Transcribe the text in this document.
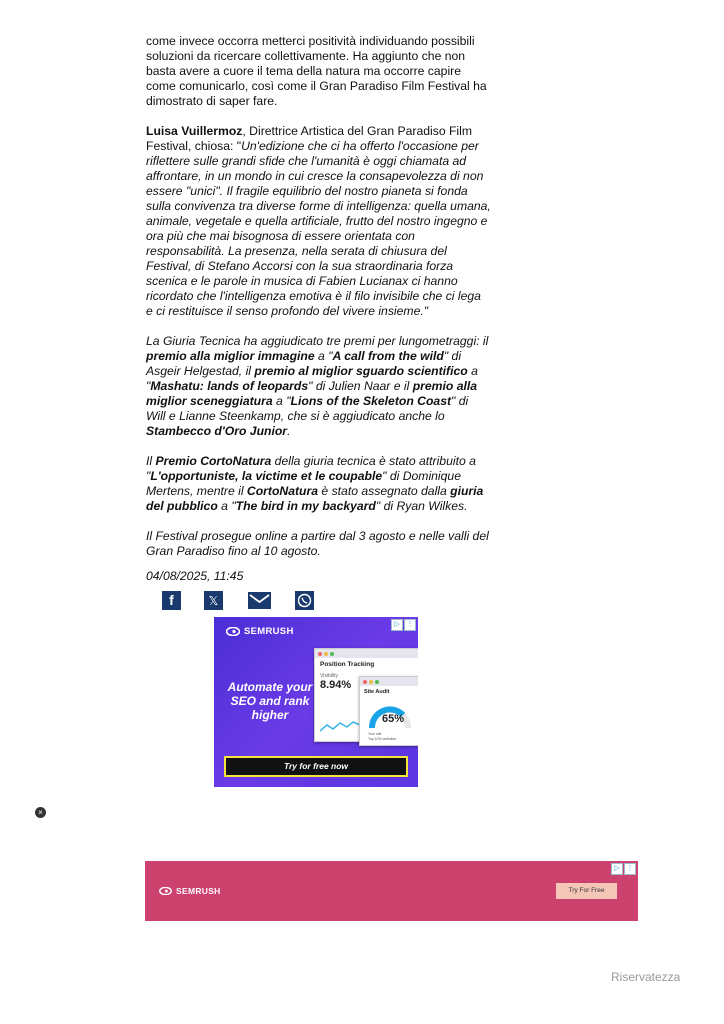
come invece occorra metterci positività individuando possibili soluzioni da ricercare collettivamente. Ha aggiunto che non basta avere a cuore il tema della natura ma occorre capire come comunicarlo, così come il Gran Paradiso Film Festival ha dimostrato di saper fare.

Luisa Vuillermoz, Direttrice Artistica del Gran Paradiso Film Festival, chiosa: "Un'edizione che ci ha offerto l'occasione per riflettere sulle grandi sfide che l'umanità è oggi chiamata ad affrontare, in un mondo in cui cresce la consapevolezza di non essere "unici". Il fragile equilibrio del nostro pianeta si fonda sulla convivenza tra diverse forme di intelligenza: quella umana, animale, vegetale e quella artificiale, frutto del nostro ingegno e ora più che mai bisognosa di essere orientata con responsabilità. La presenza, nella serata di chiusura del Festival, di Stefano Accorsi con la sua straordinaria forza scenica e le parole in musica di Fabien Lucianax ci hanno ricordato che l'intelligenza emotiva è il filo invisibile che ci lega e ci restituisce il senso profondo del vivere insieme."

La Giuria Tecnica ha aggiudicato tre premi per lungometraggi: il premio alla miglior immagine a "A call from the wild" di Asgeir Helgestad, il premio al miglior sguardo scientifico a "Mashatu: lands of leopards" di Julien Naar e il premio alla miglior sceneggiatura a "Lions of the Skeleton Coast" di Will e Lianne Steenkamp, che si è aggiudicato anche lo Stambecco d'Oro Junior.

Il Premio CortoNatura della giuria tecnica è stato attribuito a "L'opportuniste, la victime et le coupable" di Dominique Mertens, mentre il CortoNatura è stato assegnato dalla giuria del pubblico a "The bird in my backyard" di Ryan Wilkes.

Il Festival prosegue online a partire dal 3 agosto e nelle valli del Gran Paradiso fino al 10 agosto.

04/08/2025, 11:45
f	𝕏
▷ ⋮
SEMRUSH
Automate your SEO and rank higher
Position Tracking
Visibility
8.94%
Site Audit
65%
Your site
Top 10% websites
Try for free now
×
▷ ⋮
SEMRUSH	Try For Free
Riservatezza
